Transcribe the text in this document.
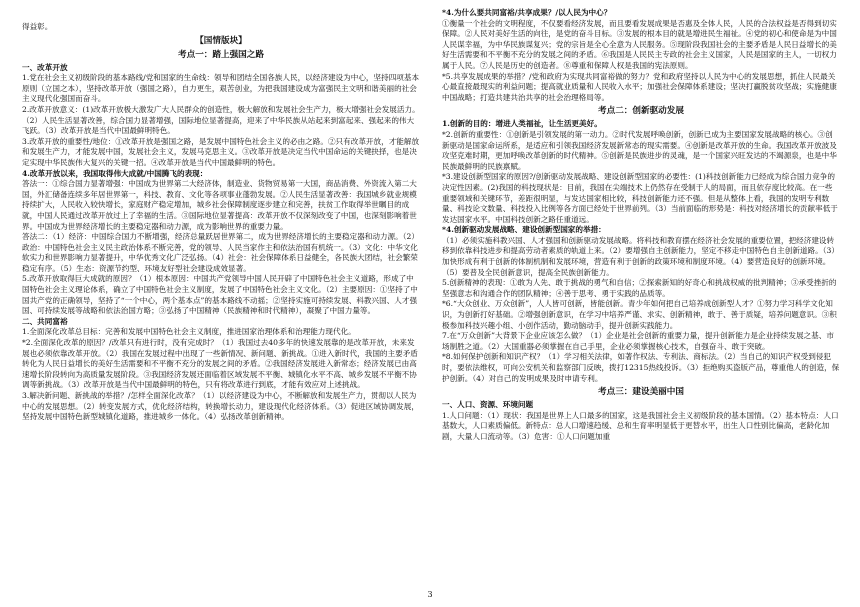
得益彰。
【国情版块】
考点一：踏上强国之路
一、改革开放
1.党在社会主义初级阶段的基本路线/党和国家的生命线：领导和团结全国各族人民，以经济建设为中心，坚持四项基本原则（立国之本），坚持改革开放（强国之路），自力更生，艰苦创业，为把我国建设成为富强民主文明和谐美丽的社会主义现代化强国而奋斗。
2.改革开放意义：(1)改革开放极大激发广大人民群众的创造性，极大解放和发展社会生产力，极大增强社会发展活力。（2）人民生活显著改善，综合国力显著增强，国际地位显著提高，迎来了中华民族从站起来到富起来、强起来的伟大飞跃。（3）改革开放是当代中国最鲜明特色。
3.改革开放的重要性/地位：①改革开放是强国之路，是发展中国特色社会主义的必由之路。②只有改革开放，才能解放和发展生产力，才能发展中国，发展社会主义，发展马克思主义。③改革开放是决定当代中国命运的关键抉择，也是决定实现中华民族伟大复兴的关键一招。④改革开放是当代中国最鲜明的特色。
4.改革开放以来，我国取得伟大成就/中国腾飞的表现：
答法一：①综合国力显著增强：中国成为世界第二大经济体，制造业、货物贸易第一大国，商品消费、外资流入第二大国，外汇储备连续多年居世界第一，科技、教育、文化等各项事业蓬勃发展。②人民生活显著改善：我国城乡就业规模持续扩大，人民收入较快增长，家庭财产稳定增加，城乡社会保障制度逐步建立和完善，扶贫工作取得举世瞩目的成就，中国人民通过改革开放过上了幸福的生活。③国际地位显著提高：改革开放不仅深刻改变了中国，也深刻影响着世界。中国成为世界经济增长的主要稳定器和动力源，成为影响世界的重要力量。
答法二：（1）经济：中国综合国力不断增强，经济总量跃居世界第二，成为世界经济增长的主要稳定器和动力源。（2）政治：中国特色社会主义民主政治体系不断完善，党的领导、人民当家作主和依法治国有机统一。（3）文化：中华文化软实力和世界影响力显著提升，中华优秀文化广泛弘扬。（4）社会：社会保障体系日益健全，各民族大团结，社会繁荣稳定有序。（5）生态：资源节约型、环境友好型社会建设成效显著。
5.改革开放取得巨大成就的原因？（1）根本原因：中国共产党领导中国人民开辟了中国特色社会主义道路，形成了中国特色社会主义理论体系，确立了中国特色社会主义制度，发展了中国特色社会主义文化。（2）主要原因：①坚持了中国共产党的正确领导，坚持了“一个中心，两个基本点”的基本路线不动摇；②坚持实施可持续发展、科教兴国、人才强国、可持续发展等战略和依法治国方略；③弘扬了中国精神（民族精神和时代精神），凝聚了中国力量等。
二、共同富裕
1.全面深化改革总目标：完善和发展中国特色社会主义制度，推进国家治理体系和治理能力现代化。
*2.全面深化改革的原因？/改革只有进行时，没有完成时？（1）我国过去40多年的快速发展靠的是改革开放，未来发展也必须依靠改革开放。（2）我国在发展过程中出现了一些新情况、新问题、新挑战。①进入新时代，我国的主要矛盾转化为人民日益增长的美好生活需要和不平衡不充分的发展之间的矛盾。②我国经济发展进入新常态；经济发展已由高速增长阶段转向为高质量发展阶段。③我国经济发展还面临着区域发展不平衡、城镇化水平不高、城乡发展不平衡不协调等新挑战。（3）改革开放是当代中国最鲜明的特色，只有将改革进行到底，才能有效应对上述挑战。
3.解决新问题、新挑战的举措？/怎样全面深化改革？（1）以经济建设为中心，不断解放和发展生产力，贯彻以人民为中心的发展思想。（2）转变发展方式，优化经济结构，转换增长动力，建设现代化经济体系。（3）促进区域协调发展，坚持发展中国特色新型城镇化道路，推进城乡一体化。（4）弘扬改革创新精神。
*4.为什么要共同富裕/共享成果？/以人民为中心？
①衡量一个社会的文明程度，不仅要看经济发展，而且要看发展成果是否惠及全体人民，人民的合法权益是否得到切实保障。②人民对美好生活的向往，是党的奋斗目标。③发展的根本目的就是增进民生福祉。④党的初心和使命是为中国人民谋幸福，为中华民族谋复兴；党的宗旨是全心全意为人民服务。⑤现阶段我国社会的主要矛盾是人民日益增长的美好生活需要和不平衡不充分的发展之间的矛盾。⑥我国是人民民主专政的社会主义国家，人民是国家的主人，一切权力属于人民。⑦人民是历史的创造者。⑧尊重和保障人权是我国的宪法原则。
*5.共享发展成果的举措？/党和政府为实现共同富裕做的努力？党和政府坚持以人民为中心的发展思想，抓住人民最关心最直接最现实的利益问题；提高就业质量和人民收入水平；加强社会保障体系建设；坚决打赢脱贫攻坚战；实施健康中国战略；打造共建共治共享的社会治理格局等。
考点二：创新驱动发展
1.创新的目的：增进人类福祉，让生活更美好。
*2.创新的重要性：①创新是引领发展的第一动力。②时代发展呼唤创新，创新已成为主要国家发展战略的核心。③创新驱动是国家命运所系，是适应和引领我国经济发展新常态的现实需要。④创新是改革开放的生命。我国改革开放波及攻坚克难时期，更加呼唤改革创新的时代精神。⑤创新是民族进步的灵魂，是一个国家兴旺发达的不竭源泉，也是中华民族最鲜明的民族禀赋。
*3.建设创新型国家的原因?/创新驱动发展战略、建设创新型国家的必要性：(1)科技创新能力已经成为综合国力竞争的决定性因素。(2)我国的科技现状是：目前，我国在尖端技术上仍然存在受制于人的局面，而且依存度比较高。在一些重要领域和关键环节，差距很明显，与发达国家相比较，科技创新能力还不强。但是从整体上看，我国的发明专利数量、科技论文数量、科技投入比例等各方面已经处于世界前列。（3）当前面临的形势是：科技对经济增长的贡献率低于发达国家水平。中国科技创新之路任重道远。
*4.创新驱动发展战略、建设创新型国家的举措：
（1）必须实施科教兴国、人才强国和创新驱动发展战略。将科技和教育摆在经济社会发展的重要位置，把经济建设转移到依靠科技进步和提高劳动者素质的轨道上来。（2）要增强自主创新能力，坚定不移走中国特色自主创新道路。（3）加快形成有利于创新的体制机制和发展环境，营造有利于创新的政策环境和制度环境。（4）要营造良好的创新环境。（5）要普及全民创新意识，提高全民族创新能力。
5.创新精神的表现：①敢为人先、敢于挑战的勇气和自信；②探索新知的好奇心和挑战权威的批判精神；③承受挫折的坚强意志和沟通合作的团队精神；④善于思考、勇于实践的品质等。
*6.“大众创业、万众创新”，人人皆可创新，皆能创新。青少年如何把自己培养成创新型人才？①努力学习科学文化知识，为创新打好基础。②增强创新意识，在学习中培养严谨、求实、创新精神，敢于、善于质疑，培养问题意识。③积极参加科技兴趣小组、小创作活动，勤动脑动手，提升创新实践能力。
7.在“万众创新”大背景下企业应该怎么做？（1）企业是社会创新的重要力量，提升创新能力是企业持续发展之基、市场制胜之道。（2）大国重器必须掌握在自己手里，企业必须掌握核心技术，自强奋斗、敢于突破。
*8.如何保护创新和知识产权？（1）学习相关法律，如著作权法、专利法、商标法。（2）当自己的知识产权受到侵犯时，要依法维权，可向公安机关和监察部门反映，拨打12315热线投诉。（3）拒绝购买盗版产品，尊重他人的创造，保护创新。（4）对自己的发明成果及时申请专利。
考点三：建设美丽中国
一、人口、资源、环境问题
1.人口问题：（1）现状：我国是世界上人口最多的国家，这是我国社会主义初级阶段的基本国情。（2）基本特点：人口基数大，人口素质偏低。新特点：总人口增速趋缓、总和生育率明显低于更替水平，出生人口性别比偏高，老龄化加剧，大量人口流动等。（3）危害：①人口问题加重
3
